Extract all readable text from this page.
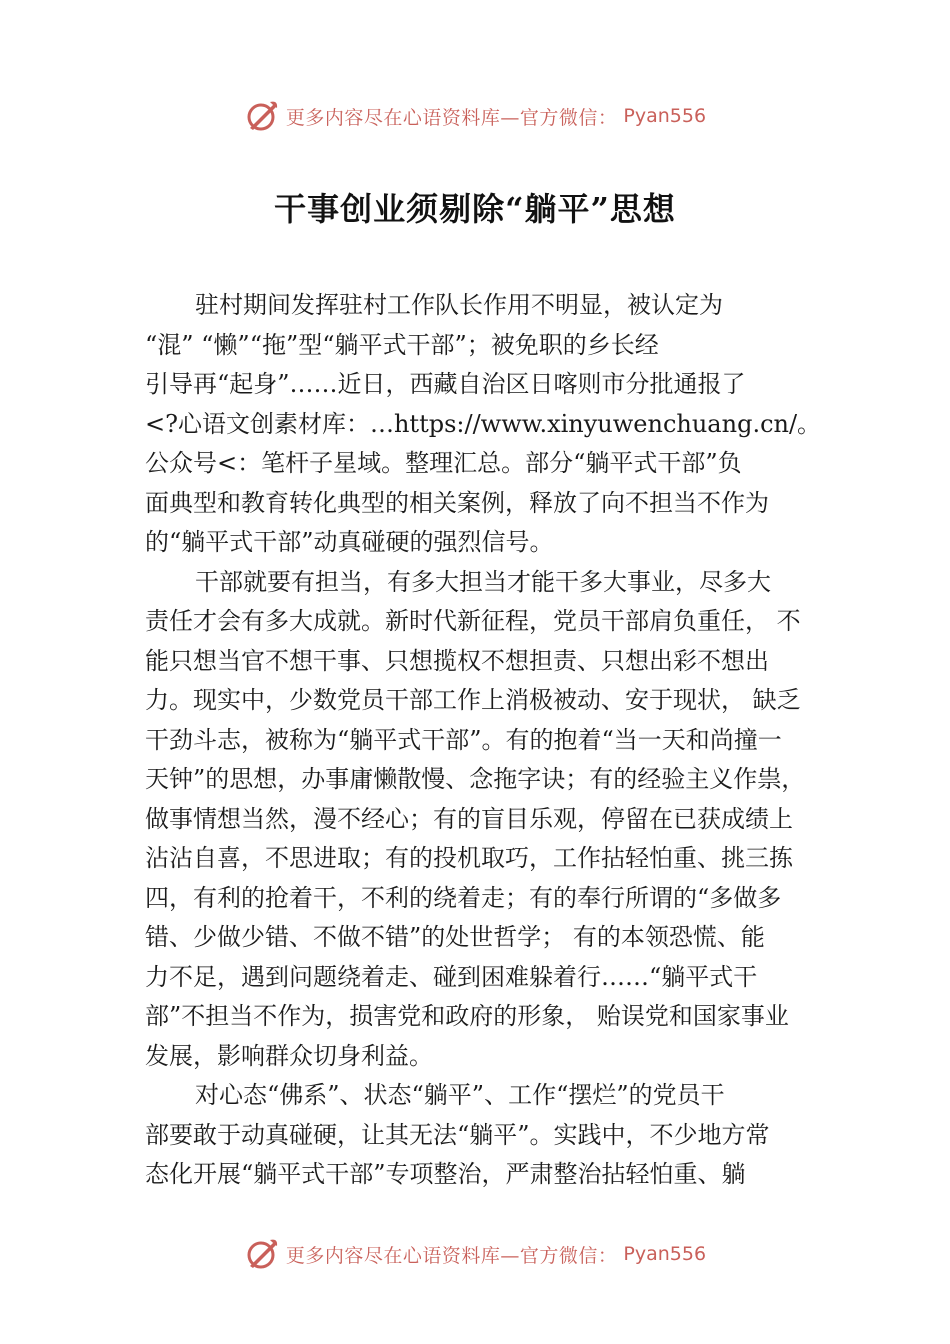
更多内容尽在心语资料库—官方微信： Pyan556
干事创业须剔除“躺平”思想
驻村期间发挥驻村工作队长作用不明显，被认定为
“混” “懒”“拖”型“躺平式干部”；被免职的乡长经
引导再“起身”……近日，西藏自治区日喀则市分批通报了
<?心语文创素材库：…https://www.xinyuwenchuang.cn/。
公众号<：笔杆子星域。整理汇总。部分“躺平式干部”负
面典型和教育转化典型的相关案例，释放了向不担当不作为
的“躺平式干部”动真碰硬的强烈信号。
干部就要有担当，有多大担当才能干多大事业，尽多大
责任才会有多大成就。新时代新征程，党员干部肩负重任， 不
能只想当官不想干事、只想揽权不想担责、只想出彩不想出
力。现实中，少数党员干部工作上消极被动、安于现状， 缺乏
干劲斗志，被称为“躺平式干部”。有的抱着“当一天和尚撞一
天钟”的思想，办事庸懒散慢、念拖字诀；有的经验主义作祟，
做事情想当然，漫不经心；有的盲目乐观，停留在已获成绩上
沾沾自喜，不思进取；有的投机取巧，工作拈轻怕重、挑三拣
四，有利的抢着干，不利的绕着走；有的奉行所谓的“多做多
错、少做少错、不做不错”的处世哲学； 有的本领恐慌、能
力不足，遇到问题绕着走、碰到困难躲着行……“躺平式干
部”不担当不作为，损害党和政府的形象， 贻误党和国家事业
发展，影响群众切身利益。
对心态“佛系”、状态“躺平”、工作“摆烂”的党员干
部要敢于动真碰硬，让其无法“躺平”。实践中，不少地方常
态化开展“躺平式干部”专项整治，严肃整治拈轻怕重、躺
更多内容尽在心语资料库—官方微信： Pyan556
